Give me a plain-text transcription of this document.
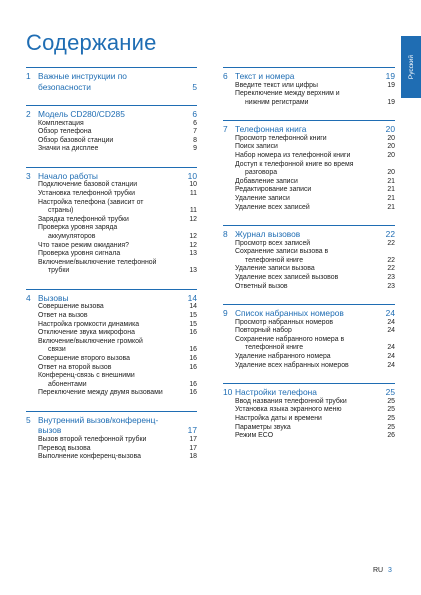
Содержание
Русский
1 Важные инструкции по
безопасности	5
2 Модель CD280/CD285	6
Комплектация	6
Обзор телефона	7
Обзор базовой станции	8
Значки на дисплее	9
3 Начало работы	10
Подключение базовой станции	10
Установка телефонной трубки	11
Настройка телефона (зависит от
страны)	11
Зарядка телефонной трубки	12
Проверка уровня заряда
аккумуляторов	12
Что такое режим ожидания?	12
Проверка уровня сигнала	13
Включение/выключение телефонной
трубки	13
4 Вызовы	14
Совершение вызова	14
Ответ на вызов	15
Настройка громкости динамика	15
Отключение звука микрофона	16
Включение/выключение громкой
связи	16
Совершение второго вызова	16
Ответ на второй вызов	16
Конференц-связь с внешними
абонентами	16
Переключение между двумя вызовами	16
5 Внутренний вызов/конференц-
вызов	17
Вызов второй телефонной трубки	17
Перевод вызова	17
Выполнение конференц-вызова	18
6 Текст и номера	19
Введите текст или цифры	19
Переключение между верхним и
нижним регистрами	19
7 Телефонная книга	20
Просмотр телефонной книги	20
Поиск записи	20
Набор номера из телефонной книги	20
Доступ к телефонной книге во время
разговора	20
Добавление записи	21
Редактирование записи	21
Удаление записи	21
Удаление всех записей	21
8 Журнал вызовов	22
Просмотр всех записей	22
Сохранение записи вызова в
телефонной книге	22
Удаление записи вызова	22
Удаление всех записей вызовов	23
Ответный вызов	23
9 Список набранных номеров	24
Просмотр набранных номеров	24
Повторный набор	24
Сохранение набранного номера в
телефонной книге	24
Удаление набранного номера	24
Удаление всех набранных номеров	24
10 Настройки телефона	25
Ввод названия телефонной трубки	25
Установка языка экранного меню	25
Настройка даты и времени	25
Параметры звука	25
Режим ECO	26
RU 3
